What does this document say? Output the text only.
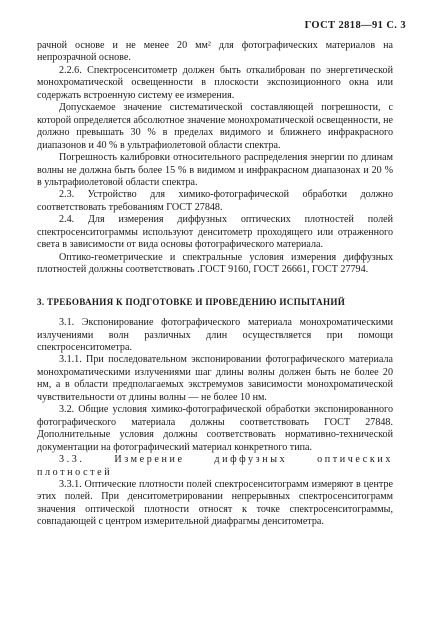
ГОСТ 2818—91 С. 3

рачной основе и не менее 20 мм² для фотографических материалов на непрозрачной основе.

2.2.6. Спектросенситометр должен быть откалиброван по энергетической монохроматической освещенности в плоскости экспозиционного окна или содержать встроенную систему ее измерения.

Допускаемое значение систематической составляющей погрешности, с которой определяется абсолютное значение монохроматической освещенности, не должно превышать 30 % в пределах видимого и ближнего инфракрасного диапазонов и 40 % в ультрафиолетовой области спектра.

Погрешность калибровки относительного распределения энергии по длинам волны не должна быть более 15 % в видимом и инфракрасном диапазонах и 20 % в ультрафиолетовой области спектра.

2.3. Устройство для химико-фотографической обработки должно соответствовать требованиям ГОСТ 27848.

2.4. Для измерения диффузных оптических плотностей полей спектросенситограммы используют денситометр проходящего или отраженного света в зависимости от вида основы фотографического материала.

Оптико-геометрические и спектральные условия измерения диффузных плотностей должны соответствовать .ГОСТ 9160, ГОСТ 26661, ГОСТ 27794.

3. ТРЕБОВАНИЯ К ПОДГОТОВКЕ И ПРОВЕДЕНИЮ ИСПЫТАНИЙ

3.1. Экспонирование фотографического материала монохроматическими излучениями волн различных длин осуществляется при помощи спектросенситометра.

3.1.1. При последовательном экспонировании фотографического материала монохроматическими излучениями шаг длины волны должен быть не более 20 нм, а в области предполагаемых экстремумов зависимости монохроматической чувствительности от длины волны — не более 10 нм.

3.2. Общие условия химико-фотографической обработки экспонированного фотографического материала должны соответствовать ГОСТ 27848. Дополнительные условия должны соответствовать нормативно-технической документации на фотографический материал конкретного типа.

3.3. Измерение диффузных оптических плотностей

3.3.1. Оптические плотности полей спектросенситограмм измеряют в центре этих полей. При денситометрировании непрерывных спектросенситограмм значения оптической плотности относят к точке спектросенситограммы, совпадающей с центром измерительной диафрагмы денситометра.
